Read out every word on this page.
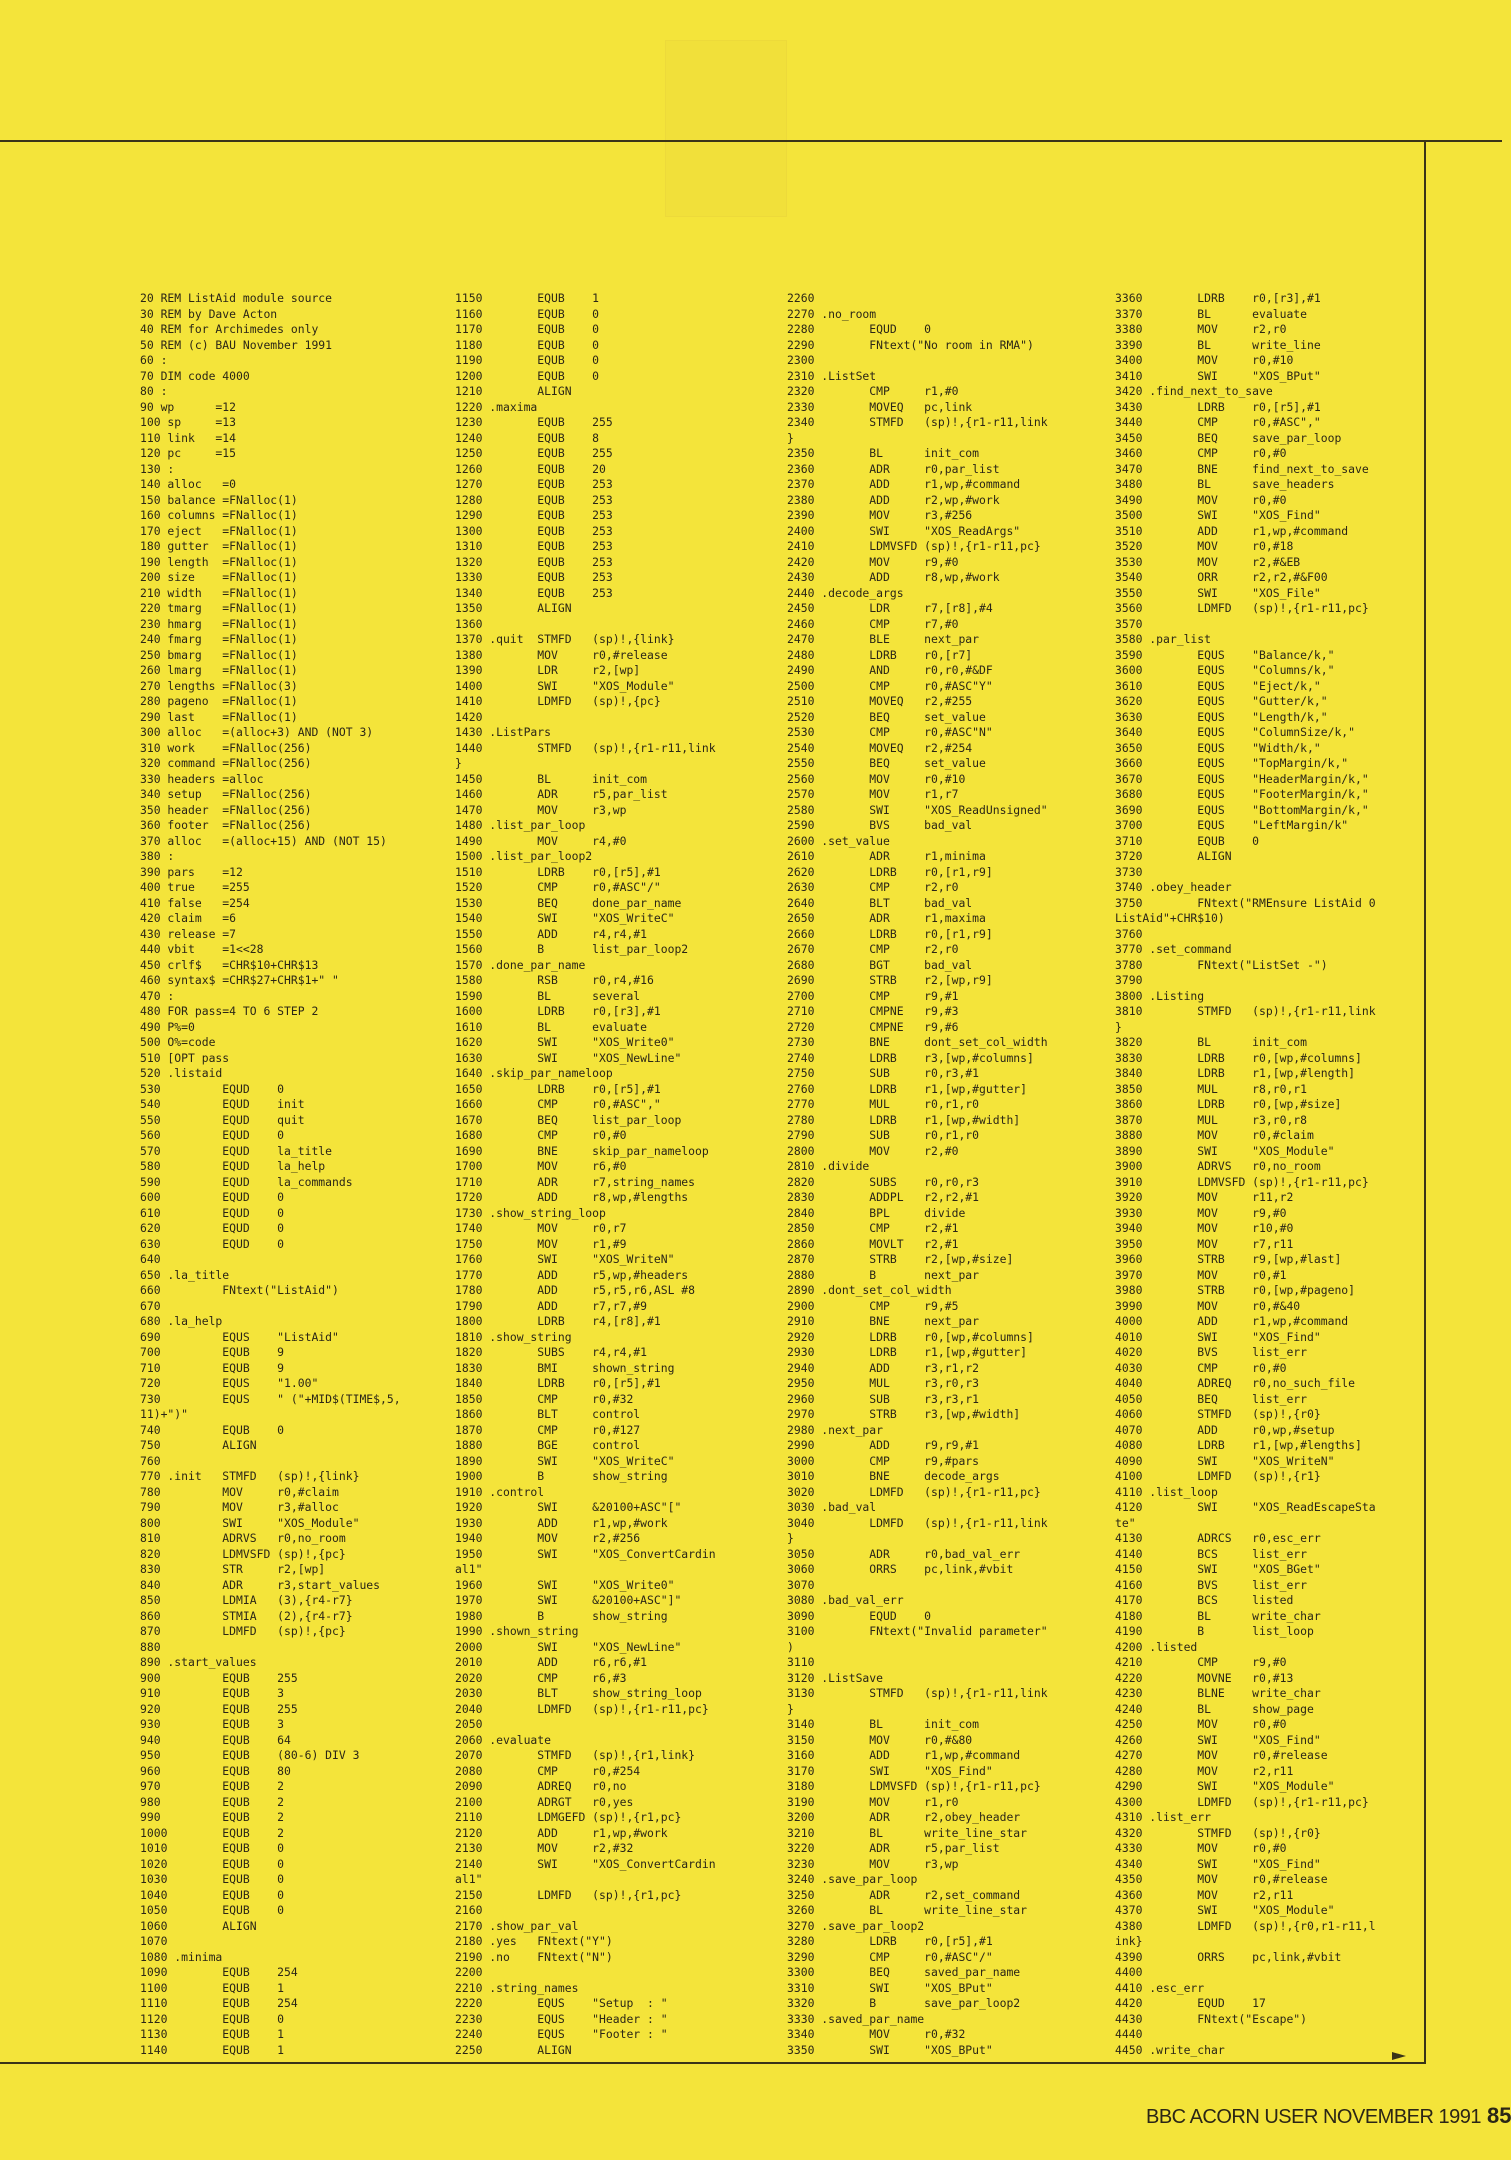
20 REM ListAid module source
30 REM by Dave Acton
40 REM for Archimedes only
50 REM (c) BAU November 1991
60 :
70 DIM code 4000
80 :
90 wp      =12
100 sp     =13
110 link   =14
120 pc     =15
130 :
140 alloc   =0
150 balance =FNalloc(1)
160 columns =FNalloc(1)
170 eject   =FNalloc(1)
180 gutter  =FNalloc(1)
190 length  =FNalloc(1)
200 size    =FNalloc(1)
210 width   =FNalloc(1)
220 tmarg   =FNalloc(1)
230 hmarg   =FNalloc(1)
240 fmarg   =FNalloc(1)
250 bmarg   =FNalloc(1)
260 lmarg   =FNalloc(1)
270 lengths =FNalloc(3)
280 pageno  =FNalloc(1)
290 last    =FNalloc(1)
300 alloc   =(alloc+3) AND (NOT 3)
310 work    =FNalloc(256)
320 command =FNalloc(256)
330 headers =alloc
340 setup   =FNalloc(256)
350 header  =FNalloc(256)
360 footer  =FNalloc(256)
370 alloc   =(alloc+15) AND (NOT 15)
380 :
390 pars    =12
400 true    =255
410 false   =254
420 claim   =6
430 release =7
440 vbit    =1<<28
450 crlf$   =CHR$10+CHR$13
460 syntax$ =CHR$27+CHR$1+" "
470 :
480 FOR pass=4 TO 6 STEP 2
490 P%=0
500 O%=code
510 [OPT pass
520 .listaid
530         EQUD    0
540         EQUD    init
550         EQUD    quit
560         EQUD    0
570         EQUD    la_title
580         EQUD    la_help
590         EQUD    la_commands
600         EQUD    0
610         EQUD    0
620         EQUD    0
630         EQUD    0
640
650 .la_title
660         FNtext("ListAid")
670
680 .la_help
690         EQUS    "ListAid"
700         EQUB    9
710         EQUB    9
720         EQUS    "1.00"
730         EQUS    " ("+MID$(TIME$,5,
11)+")"
740         EQUB    0
750         ALIGN
760
770 .init   STMFD   (sp)!,{link}
780         MOV     r0,#claim
790         MOV     r3,#alloc
800         SWI     "XOS_Module"
810         ADRVS   r0,no_room
820         LDMVSFD (sp)!,{pc}
830         STR     r2,[wp]
840         ADR     r3,start_values
850         LDMIA   (3),{r4-r7}
860         STMIA   (2),{r4-r7}
870         LDMFD   (sp)!,{pc}
880
890 .start_values
900         EQUB    255
910         EQUB    3
920         EQUB    255
930         EQUB    3
940         EQUB    64
950         EQUB    (80-6) DIV 3
960         EQUB    80
970         EQUB    2
980         EQUB    2
990         EQUB    2
1000        EQUB    2
1010        EQUB    0
1020        EQUB    0
1030        EQUB    0
1040        EQUB    0
1050        EQUB    0
1060        ALIGN
1070
1080 .minima
1090        EQUB    254
1100        EQUB    1
1110        EQUB    254
1120        EQUB    0
1130        EQUB    1
1140        EQUB    1
1150        EQUB    1
1160        EQUB    0
1170        EQUB    0
1180        EQUB    0
1190        EQUB    0
1200        EQUB    0
1210        ALIGN
1220 .maxima
1230        EQUB    255
1240        EQUB    8
1250        EQUB    255
1260        EQUB    20
1270        EQUB    253
1280        EQUB    253
1290        EQUB    253
1300        EQUB    253
1310        EQUB    253
1320        EQUB    253
1330        EQUB    253
1340        EQUB    253
1350        ALIGN
1360
1370 .quit  STMFD   (sp)!,{link}
1380        MOV     r0,#release
1390        LDR     r2,[wp]
1400        SWI     "XOS_Module"
1410        LDMFD   (sp)!,{pc}
1420
1430 .ListPars
1440        STMFD   (sp)!,{r1-r11,link
}
1450        BL      init_com
1460        ADR     r5,par_list
1470        MOV     r3,wp
1480 .list_par_loop
1490        MOV     r4,#0
1500 .list_par_loop2
1510        LDRB    r0,[r5],#1
1520        CMP     r0,#ASC"/"
1530        BEQ     done_par_name
1540        SWI     "XOS_WriteC"
1550        ADD     r4,r4,#1
1560        B       list_par_loop2
1570 .done_par_name
1580        RSB     r0,r4,#16
1590        BL      several
1600        LDRB    r0,[r3],#1
1610        BL      evaluate
1620        SWI     "XOS_Write0"
1630        SWI     "XOS_NewLine"
1640 .skip_par_nameloop
1650        LDRB    r0,[r5],#1
1660        CMP     r0,#ASC","
1670        BEQ     list_par_loop
1680        CMP     r0,#0
1690        BNE     skip_par_nameloop
1700        MOV     r6,#0
1710        ADR     r7,string_names
1720        ADD     r8,wp,#lengths
1730 .show_string_loop
1740        MOV     r0,r7
1750        MOV     r1,#9
1760        SWI     "XOS_WriteN"
1770        ADD     r5,wp,#headers
1780        ADD     r5,r5,r6,ASL #8
1790        ADD     r7,r7,#9
1800        LDRB    r4,[r8],#1
1810 .show_string
1820        SUBS    r4,r4,#1
1830        BMI     shown_string
1840        LDRB    r0,[r5],#1
1850        CMP     r0,#32
1860        BLT     control
1870        CMP     r0,#127
1880        BGE     control
1890        SWI     "XOS_WriteC"
1900        B       show_string
1910 .control
1920        SWI     &20100+ASC"["
1930        ADD     r1,wp,#work
1940        MOV     r2,#256
1950        SWI     "XOS_ConvertCardin
al1"
1960        SWI     "XOS_Write0"
1970        SWI     &20100+ASC"]"
1980        B       show_string
1990 .shown_string
2000        SWI     "XOS_NewLine"
2010        ADD     r6,r6,#1
2020        CMP     r6,#3
2030        BLT     show_string_loop
2040        LDMFD   (sp)!,{r1-r11,pc}
2050
2060 .evaluate
2070        STMFD   (sp)!,{r1,link}
2080        CMP     r0,#254
2090        ADREQ   r0,no
2100        ADRGT   r0,yes
2110        LDMGEFD (sp)!,{r1,pc}
2120        ADD     r1,wp,#work
2130        MOV     r2,#32
2140        SWI     "XOS_ConvertCardin
al1"
2150        LDMFD   (sp)!,{r1,pc}
2160
2170 .show_par_val
2180 .yes   FNtext("Y")
2190 .no    FNtext("N")
2200
2210 .string_names
2220        EQUS    "Setup  : "
2230        EQUS    "Header : "
2240        EQUS    "Footer : "
2250        ALIGN
2260
2270 .no_room
2280        EQUD    0
2290        FNtext("No room in RMA")
2300
2310 .ListSet
2320        CMP     r1,#0
2330        MOVEQ   pc,link
2340        STMFD   (sp)!,{r1-r11,link
}
2350        BL      init_com
2360        ADR     r0,par_list
2370        ADD     r1,wp,#command
2380        ADD     r2,wp,#work
2390        MOV     r3,#256
2400        SWI     "XOS_ReadArgs"
2410        LDMVSFD (sp)!,{r1-r11,pc}
2420        MOV     r9,#0
2430        ADD     r8,wp,#work
2440 .decode_args
2450        LDR     r7,[r8],#4
2460        CMP     r7,#0
2470        BLE     next_par
2480        LDRB    r0,[r7]
2490        AND     r0,r0,#&DF
2500        CMP     r0,#ASC"Y"
2510        MOVEQ   r2,#255
2520        BEQ     set_value
2530        CMP     r0,#ASC"N"
2540        MOVEQ   r2,#254
2550        BEQ     set_value
2560        MOV     r0,#10
2570        MOV     r1,r7
2580        SWI     "XOS_ReadUnsigned"
2590        BVS     bad_val
2600 .set_value
2610        ADR     r1,minima
2620        LDRB    r0,[r1,r9]
2630        CMP     r2,r0
2640        BLT     bad_val
2650        ADR     r1,maxima
2660        LDRB    r0,[r1,r9]
2670        CMP     r2,r0
2680        BGT     bad_val
2690        STRB    r2,[wp,r9]
2700        CMP     r9,#1
2710        CMPNE   r9,#3
2720        CMPNE   r9,#6
2730        BNE     dont_set_col_width
2740        LDRB    r3,[wp,#columns]
2750        SUB     r0,r3,#1
2760        LDRB    r1,[wp,#gutter]
2770        MUL     r0,r1,r0
2780        LDRB    r1,[wp,#width]
2790        SUB     r0,r1,r0
2800        MOV     r2,#0
2810 .divide
2820        SUBS    r0,r0,r3
2830        ADDPL   r2,r2,#1
2840        BPL     divide
2850        CMP     r2,#1
2860        MOVLT   r2,#1
2870        STRB    r2,[wp,#size]
2880        B       next_par
2890 .dont_set_col_width
2900        CMP     r9,#5
2910        BNE     next_par
2920        LDRB    r0,[wp,#columns]
2930        LDRB    r1,[wp,#gutter]
2940        ADD     r3,r1,r2
2950        MUL     r3,r0,r3
2960        SUB     r3,r3,r1
2970        STRB    r3,[wp,#width]
2980 .next_par
2990        ADD     r9,r9,#1
3000        CMP     r9,#pars
3010        BNE     decode_args
3020        LDMFD   (sp)!,{r1-r11,pc}
3030 .bad_val
3040        LDMFD   (sp)!,{r1-r11,link
}
3050        ADR     r0,bad_val_err
3060        ORRS    pc,link,#vbit
3070
3080 .bad_val_err
3090        EQUD    0
3100        FNtext("Invalid parameter"
)
3110
3120 .ListSave
3130        STMFD   (sp)!,{r1-r11,link
}
3140        BL      init_com
3150        MOV     r0,#&80
3160        ADD     r1,wp,#command
3170        SWI     "XOS_Find"
3180        LDMVSFD (sp)!,{r1-r11,pc}
3190        MOV     r1,r0
3200        ADR     r2,obey_header
3210        BL      write_line_star
3220        ADR     r5,par_list
3230        MOV     r3,wp
3240 .save_par_loop
3250        ADR     r2,set_command
3260        BL      write_line_star
3270 .save_par_loop2
3280        LDRB    r0,[r5],#1
3290        CMP     r0,#ASC"/"
3300        BEQ     saved_par_name
3310        SWI     "XOS_BPut"
3320        B       save_par_loop2
3330 .saved_par_name
3340        MOV     r0,#32
3350        SWI     "XOS_BPut"
3360        LDRB    r0,[r3],#1
3370        BL      evaluate
3380        MOV     r2,r0
3390        BL      write_line
3400        MOV     r0,#10
3410        SWI     "XOS_BPut"
3420 .find_next_to_save
3430        LDRB    r0,[r5],#1
3440        CMP     r0,#ASC","
3450        BEQ     save_par_loop
3460        CMP     r0,#0
3470        BNE     find_next_to_save
3480        BL      save_headers
3490        MOV     r0,#0
3500        SWI     "XOS_Find"
3510        ADD     r1,wp,#command
3520        MOV     r0,#18
3530        MOV     r2,#&EB
3540        ORR     r2,r2,#&F00
3550        SWI     "XOS_File"
3560        LDMFD   (sp)!,{r1-r11,pc}
3570
3580 .par_list
3590        EQUS    "Balance/k,"
3600        EQUS    "Columns/k,"
3610        EQUS    "Eject/k,"
3620        EQUS    "Gutter/k,"
3630        EQUS    "Length/k,"
3640        EQUS    "ColumnSize/k,"
3650        EQUS    "Width/k,"
3660        EQUS    "TopMargin/k,"
3670        EQUS    "HeaderMargin/k,"
3680        EQUS    "FooterMargin/k,"
3690        EQUS    "BottomMargin/k,"
3700        EQUS    "LeftMargin/k"
3710        EQUB    0
3720        ALIGN
3730
3740 .obey_header
3750        FNtext("RMEnsure ListAid 0
ListAid"+CHR$10)
3760
3770 .set_command
3780        FNtext("ListSet -")
3790
3800 .Listing
3810        STMFD   (sp)!,{r1-r11,link
}
3820        BL      init_com
3830        LDRB    r0,[wp,#columns]
3840        LDRB    r1,[wp,#length]
3850        MUL     r8,r0,r1
3860        LDRB    r0,[wp,#size]
3870        MUL     r3,r0,r8
3880        MOV     r0,#claim
3890        SWI     "XOS_Module"
3900        ADRVS   r0,no_room
3910        LDMVSFD (sp)!,{r1-r11,pc}
3920        MOV     r11,r2
3930        MOV     r9,#0
3940        MOV     r10,#0
3950        MOV     r7,r11
3960        STRB    r9,[wp,#last]
3970        MOV     r0,#1
3980        STRB    r0,[wp,#pageno]
3990        MOV     r0,#&40
4000        ADD     r1,wp,#command
4010        SWI     "XOS_Find"
4020        BVS     list_err
4030        CMP     r0,#0
4040        ADREQ   r0,no_such_file
4050        BEQ     list_err
4060        STMFD   (sp)!,{r0}
4070        ADD     r0,wp,#setup
4080        LDRB    r1,[wp,#lengths]
4090        SWI     "XOS_WriteN"
4100        LDMFD   (sp)!,{r1}
4110 .list_loop
4120        SWI     "XOS_ReadEscapeSta
te"
4130        ADRCS   r0,esc_err
4140        BCS     list_err
4150        SWI     "XOS_BGet"
4160        BVS     list_err
4170        BCS     listed
4180        BL      write_char
4190        B       list_loop
4200 .listed
4210        CMP     r9,#0
4220        MOVNE   r0,#13
4230        BLNE    write_char
4240        BL      show_page
4250        MOV     r0,#0
4260        SWI     "XOS_Find"
4270        MOV     r0,#release
4280        MOV     r2,r11
4290        SWI     "XOS_Module"
4300        LDMFD   (sp)!,{r1-r11,pc}
4310 .list_err
4320        STMFD   (sp)!,{r0}
4330        MOV     r0,#0
4340        SWI     "XOS_Find"
4350        MOV     r0,#release
4360        MOV     r2,r11
4370        SWI     "XOS_Module"
4380        LDMFD   (sp)!,{r0,r1-r11,l
ink}
4390        ORRS    pc,link,#vbit
4400
4410 .esc_err
4420        EQUD    17
4430        FNtext("Escape")
4440
4450 .write_char
BBC ACORN USER NOVEMBER 1991 85
